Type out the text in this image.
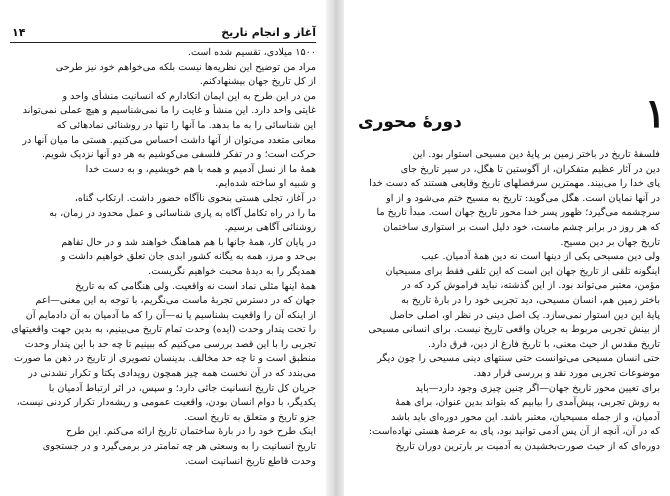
آغاز و انجام تاریخ
۱۴
۱۵۰۰ میلادی، تقسیم شده است.
مراد من توضیح این نظریه‌ها نیست بلکه می‌خواهم خود نیز طرحی
از کل تاریخ جهان بیشنهادکنم.
من در این طرح به این ایمان اتکادارم که انسانیت منشأی واحد و
غایتی واحد دارد. این منشأ و غایت را ما نمی‌شناسیم و هیچ عملی نمی‌تواند
این شناسائی را به ما بدهد. ما آنها را تنها در روشنائی نمادهائی که
معانی متعدد می‌توان از آنها داشت احساس می‌کنیم. هستی ما میان آنها در
حرکت است؛ و در تفکر فلسفی می‌کوشیم به هر دو آنها نزدیک شویم.
همهٔ ما از نسل آدمیم و همه با هم خویشیم، و به دست خدا
و شبیه او ساخته شده‌ایم.
در آغاز، تجلی هستی بنحوی ناآگاه حضور داشت. ارتکاب گناه،
ما را در راه تکامل آگاه به پاری شناسائی و عمل محدود در زمان، به
روشنائی آگاهی برسیم.
در پایان کار، همهٔ جانها با هم هماهنگ خواهند شد و در حال تفاهم
بی‌حد و مرز، همه به یگانه کشور ابدی جان تعلق خواهیم داشت و
همدیگر را به دیدهٔ محبت خواهیم نگریست.
همهٔ اینها مثلی نماد است نه واقعیت. ولی هنگامی که به تاریخ
جهان که در دسترس تجربهٔ ماست می‌نگریم، با توجه به این معنی—اعم
از اینکه آن را واقعیت بشناسیم یا نه—آن را که ما آدمیان به آن دادمایم آن
را تحت پندار وحدت (ایده) وحدت تمام تاریخ می‌بینیم، به بدین جهت واقعیتهای
تجربی را با این قصد بررسی می‌کنیم که ببینیم تا چه حد با این پندار وحدت
منطبق است و تا چه حد مخالف. بدینسان تصویری از تاریخ در ذهن ما صورت
می‌بندد که در آن نخست همه چیز همچون رویدادی یکتا و تکرار نشدنی در
جریان کل تاریخ انسانیت جائی دارد؛ و سپس، در اثر ارتباط آدمیان با
یکدیگر، با دوام انسان بودن، واقعیت عمومی و ریشه‌دار تکرار کردنی نیست،
جزو تاریخ و متعلق به تاریخ است.
اینک طرح خود را در بارهٔ ساختمان تاریخ ارائه می‌کنم. این طرح
تاریخ انسانیت را به وسعتی هر چه تمامتر در برمی‌گیرد و در جستجوی
وحدت قاطع تاریخ انسانیت است.
۱
دورهٔ محوری
فلسفهٔ تاریخ در باختر زمین بر پایهٔ دین مسیحی استوار بود. این
دین در آثار عظیم متفکران، از آگوستین تا هگل، در سیر تاریخ جای
پای خدا را می‌بیند. مهمترین سرفصلهای تاریخ وقایعی هستند که دست خدا
در آنها نمایان است. هگل می‌گوید: تاریخ به مسیح ختم می‌شود و از او
سرچشمه می‌گیرد؛ ظهور پسر خدا محور تاریخ جهان است. مبدأ تاریخ ما
که هر روز در برابر چشم ماست، خود دلیل است بر استواری ساختمان
تاریخ جهان بر دین مسیح.
ولی دین مسیحی یکی از دینها است نه دین همهٔ آدمیان. عیب
اینگونه تلقی از تاریخ جهان این است که این تلقی فقط برای مسیحیان
مؤمن، معتبر می‌تواند بود. از این گذشته، نباید فراموش کرد که در
باختر زمین هم، انسان مسیحی، دید تجربی خود را در بارهٔ تاریخ به
پایهٔ این دین استوار نمی‌سازد. یک اصل دینی در نظر او، اصلی حاصل
از بینش تجربی مربوط به جریان واقعی تاریخ نیست. برای انسانی مسیحی
تاریخ مقدس از حیث معنی، با تاریخ فارغ از دین، فرق دارد.
حتی انسان مسیحی می‌توانست حتی سنتهای دینی مسیحی را چون دیگر
موضوعات تجربی مورد نقد و بررسی قرار دهد.
برای تعیین محور تاریخ جهان—اگر چنین چیزی وجود دارد—باید
به روش تجربی، پیش‌آمدی را بیابیم که بتواند بدین عنوان، برای همهٔ
آدمیان، و از جمله مسیحیان، معتبر باشد. این محور دوره‌ای باید باشد
که در آن، آنچه از آن پس آدمی توانید بود، پای به عرصهٔ هستی نهاده‌است:
دوره‌ای که از حیث صورت‌بخشیدن به آدمیت بر بارترین دوران تاریخ
